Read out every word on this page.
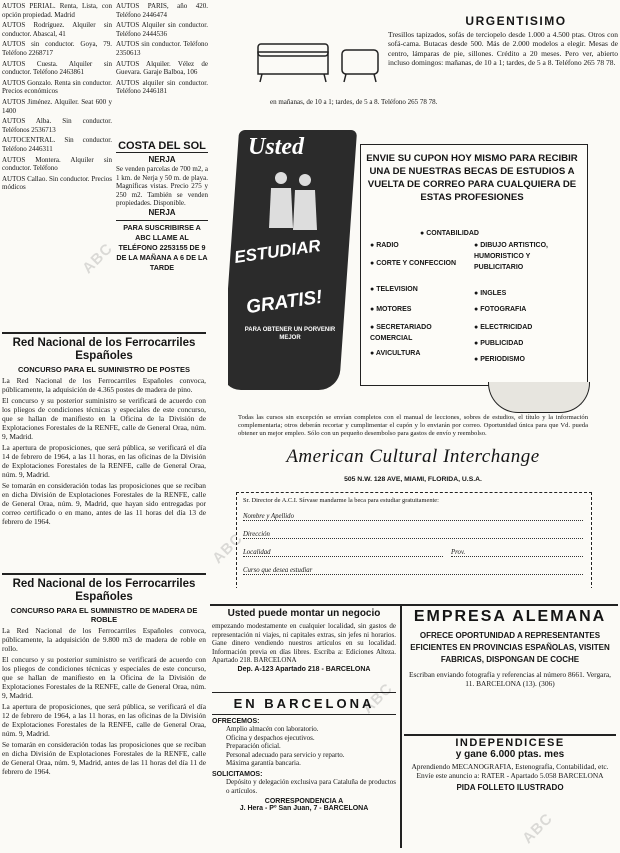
AUTOS PERIAL. Renta, Lista, con opción propiedad. Madrid

AUTOS Rodríguez. Alquiler sin conductor. Abascal, 41

AUTOS sin conductor. Goya, 79. Teléfono 2268717

AUTOS Cuesta. Alquiler sin conductor. Teléfono 2463861

AUTOS Gonzalo. Renta sin conductor. Precios económicos

AUTOS Jiménez. Alquiler. Seat 600 y 1400

AUTOS Alba. Sin conductor. Teléfonos 2536713

AUTOCENTRAL. Sin conductor. Teléfono 2446311

AUTOS Montera. Alquiler sin conductor. Teléfono

AUTOS Callao. Sin conductor. Precios módicos

Red Nacional de los Ferrocarriles Españoles
CONCURSO PARA EL SUMINISTRO DE POSTES

La Red Nacional de los Ferrocarriles Españoles convoca, públicamente, la adquisición de 4.365 postes de madera de pino.

El concurso y su posterior suministro se verificará de acuerdo con los pliegos de condiciones técnicas y especiales de este concurso, que se hallan de manifiesto en la Oficina de la División de Explotaciones Forestales de la RENFE, calle de General Oraa, núm. 9, Madrid.

La apertura de proposiciones, que será pública, se verificará el día 14 de febrero de 1964, a las 11 horas, en las oficinas de la División de Explotaciones Forestales de la RENFE, calle de General Oraa, núm. 9, Madrid.

Se tomarán en consideración todas las proposiciones que se reciban en dicha División de Explotaciones Forestales de la RENFE, calle de General Oraa, núm. 9, Madrid, que hayan sido entregadas por correo certificado o en mano, antes de las 11 horas del día 13 de febrero de 1964.

Red Nacional de los Ferrocarriles Españoles
CONCURSO PARA EL SUMINISTRO DE MADERA DE ROBLE

La Red Nacional de los Ferrocarriles Españoles convoca, públicamente, la adquisición de 9.800 m3 de madera de roble en rollo.

El concurso y su posterior suministro se verificará de acuerdo con los pliegos de condiciones técnicas y especiales de este concurso, que se hallan de manifiesto en la Oficina de la División de Explotaciones Forestales de la RENFE, calle de General Oraa, núm. 9, Madrid.

La apertura de proposiciones, que será pública, se verificará el día 12 de febrero de 1964, a las 11 horas, en las oficinas de la División de Explotaciones Forestales de la RENFE, calle de General Oraa, núm. 9, Madrid.

Se tomarán en consideración todas las proposiciones que se reciban en dicha División de Explotaciones Forestales de la RENFE, calle de General Oraa, núm. 9, Madrid, antes de las 11 horas del día 11 de febrero de 1964.

AUTOS PARIS, año 420. Teléfono 2446474

AUTOS Alquiler sin conductor. Teléfono 2444536

AUTOS sin conductor. Teléfono 2350613

AUTOS Alquiler. Vélez de Guevara. Garaje Balboa, 106

AUTOS alquiler sin conductor. Teléfono 2446181

COSTA DEL SOL
NERJA
Se venden parcelas de 700 m2, a 1 km. de Nerja y 50 m. de playa. Magníficas vistas. Precio 275 y 250 m2. También se venden propiedades. Disponible.
NERJA
PARA SUSCRIBIRSE A ABC LLAME AL TELÉFONO 2253155 DE 9 DE LA MAÑANA A 6 DE LA TARDE
URGENTISIMO
Tresillos tapizados, sofás de terciopelo desde 1.000 a 4.500 ptas. Otros con sofá-cama. Butacas desde 500. Más de 2.000 modelos a elegir. Mesas de centro, lámparas de pie, sillones. Crédito a 20 meses. Pero ver, abierto incluso domingos: mañanas, de 10 a 1; tardes, de 5 a 8. Teléfono 265 78 78.
en mañanas, de 10 a 1; tardes, de 5 a 8. Teléfono 265 78 78.
Usted
ESTUDIAR
GRATIS!
PARA OBTENER UN PORVENIR MEJOR
ENVIE SU CUPON HOY MISMO PARA RECIBIR UNA DE NUESTRAS BECAS DE ESTUDIOS A VUELTA DE CORREO PARA CUALQUIERA DE ESTAS PROFESIONES
● CONTABILIDAD
● RADIO	● DIBUJO ARTISTICO, HUMORISTICO Y PUBLICITARIO
● CORTE Y CONFECCION
● TELEVISION
● INGLES
● MOTORES	● FOTOGRAFIA
● SECRETARIADO COMERCIAL
● ELECTRICIDAD
● AVICULTURA
● PUBLICIDAD
● PERIODISMO
Todas las cursos sin excepción se envían completos con el manual de lecciones, sobres de estudios, el título y la información complementaria; otros deberán recortar y cumplimentar el cupón y lo enviarán por correo. Oportunidad única para que Vd. pueda obtener un mejor empleo. Sólo con un pequeño desembolso para gastos de envío y reembolso.
American Cultural Interchange
505 N.W. 128 AVE, MIAMI, FLORIDA, U.S.A.
Sr. Director de A.C.I. Sírvase mandarme la beca para estudiar gratuitamente:
Nombre y Apellido
Dirección
Localidad	Prov.
Curso que desea estudiar
Usted puede montar un negocio
empezando modestamente en cualquier localidad, sin gastos de representación ni viajes, ni capitales extras, sin jefes ni horarios. Gane dinero vendiendo nuestros artículos en su localidad. Información previa en días libres. Escriba a: Ediciones Alteza. Apartado 218. BARCELONA
Dep. A-123 Apartado 218 - BARCELONA
EN BARCELONA
OFRECEMOS:
Amplio almacén con laboratorio.
Oficina y despachos ejecutivos.
Preparación oficial.
Personal adecuado para servicio y reparto.
Máxima garantía bancaria.
SOLICITAMOS:
Depósito y delegación exclusiva para Cataluña de productos o artículos.
CORRESPONDENCIA A
J. Hera - Pº San Juan, 7 - BARCELONA
EMPRESA ALEMANA
OFRECE OPORTUNIDAD A REPRESENTANTES EFICIENTES EN PROVINCIAS ESPAÑOLAS, VISITEN FABRICAS, DISPONGAN DE COCHE
Escriban enviando fotografía y referencias al número 8661. Vergara, 11. BARCELONA (13). (306)
INDEPENDICESE
y gane 6.000 ptas. mes
Aprendiendo MECANOGRAFIA, Estenografía, Contabilidad, etc. Envíe este anuncio a: RATER - Apartado 5.058 BARCELONA
PIDA FOLLETO ILUSTRADO
ABC
ABC
ABC
ABC
